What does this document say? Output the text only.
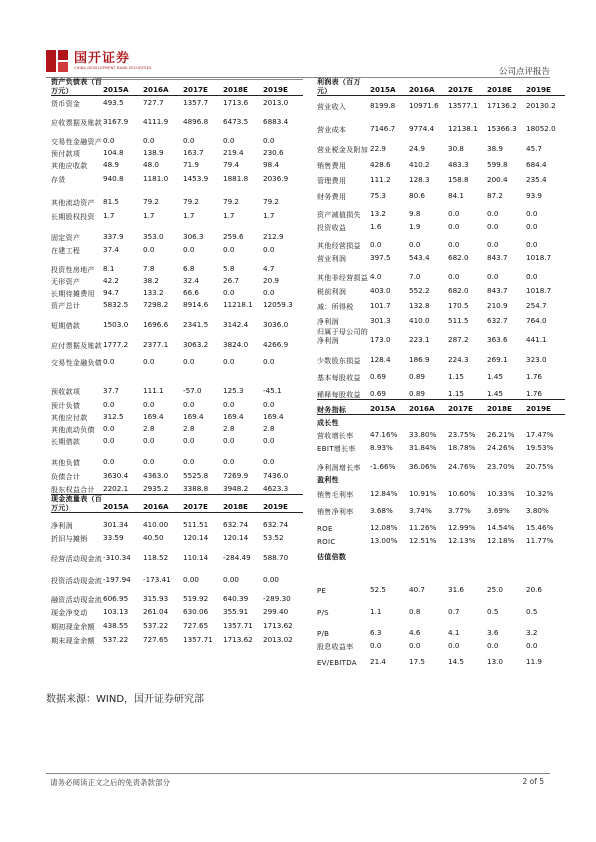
国开证券
CHINA DEVELOPMENT BANK SECURITIES	公司点评报告
资产负债表（百万元）	2015A	2016A	2017E	2018E	2019E
货币资金	493.5	727.7	1357.7	1713.6	2013.0
应收票据及账款 3167.9	4111.9	4896.8	6473.5	6883.4
交易性金融资产 0.0	0.0	0.0	0.0	0.0
预付款项	104.8	138.9	163.7	219.4	230.6
其他应收款	48.9	48.0	71.9	79.4	98.4
存货	940.8	1181.0	1453.9	1881.8	2036.9
其他流动资产	81.5	79.2	79.2	79.2	79.2
长期股权投资	1.7	1.7	1.7	1.7	1.7
固定资产	337.9	353.0	306.3	259.6	212.9
在建工程	37.4	0.0	0.0	0.0	0.0
投资性房地产	8.1	7.8	6.8	5.8	4.7
无形资产	42.2	38.2	32.4	26.7	20.9
长期待摊费用	94.7	133.2	66.6	0.0	0.0
资产总计	5832.5	7298.2	8914.6	11218.1	12059.3
短期借款	1503.0	1696.6	2341.5	3142.4	3036.0
应付票据及账款 1777.2	2377.1	3063.2	3824.0	4266.9
交易性金融负债 0.0	0.0	0.0	0.0	0.0
预收款项	37.7	111.1	-57.0	125.3	-45.1
预计负债	0.0	0.0	0.0	0.0	0.0
其他应付款	312.5	169.4	169.4	169.4	169.4
其他流动负债	0.0	2.8	2.8	2.8	2.8
长期借款	0.0	0.0	0.0	0.0	0.0
其他负债	0.0	0.0	0.0	0.0	0.0
负债合计	3630.4	4363.0	5525.8	7269.9	7436.0
股东权益合计	2202.1	2935.2	3388.8	3948.2	4623.3
现金流量表（百万元）	2015A	2016A	2017E	2018E	2019E
净利润	301.34	410.00	511.51	632.74	632.74
折旧与摊销	33.59	40.50	120.14	120.14	53.52
经营活动现金流 -310.34	118.52	110.14	-284.49	588.70
投资活动现金流 -197.94	-173.41	0.00	0.00	0.00
融资活动现金流 606.95	315.93	519.92	640.39	-289.30
现金净变动	103.13	261.04	630.06	355.91	299.40
期初现金余额	438.55	537.22	727.65	1357.71	1713.62
期末现金余额	537.22	727.65	1357.71	1713.62	2013.02
利润表（百万元）	2015A	2016A	2017E	2018E	2019E
营业收入	8199.8	10971.6	13577.1	17136.2	20130.2
营业成本	7146.7	9774.4	12138.1	15366.3	18052.0
营业税金及附加 22.9	24.9	30.8	38.9	45.7
销售费用	428.6	410.2	483.3	599.8	684.4
管理费用	111.2	128.3	158.8	200.4	235.4
财务费用	75.3	80.6	84.1	87.2	93.9
资产减值损失	13.2	9.8	0.0	0.0	0.0
投资收益	1.6	1.9	0.0	0.0	0.0
其他经营损益	0.0	0.0	0.0	0.0	0.0
营业利润	397.5	543.4	682.0	843.7	1018.7
其他非经营损益 4.0	7.0	0.0	0.0	0.0
税前利润	403.0	552.2	682.0	843.7	1018.7
减：所得税	101.7	132.8	170.5	210.9	254.7
净利润	301.3	410.0	511.5	632.7	764.0
归属于母公司的净利润	173.0	223.1	287.2	363.6	441.1
少数股东损益	128.4	186.9	224.3	269.1	323.0
基本每股收益	0.69	0.89	1.15	1.45	1.76
稀释每股收益	0.69	0.89	1.15	1.45	1.76
财务指标	2015A	2016A	2017E	2018E	2019E
成长性
营收增长率	47.16%	33.80%	23.75%	26.21%	17.47%
EBIT增长率	8.93%	31.84%	18.78%	24.26%	19.53%
净利润增长率	-1.66%	36.06%	24.76%	23.70%	20.75%
盈利性
销售毛利率	12.84%	10.91%	10.60%	10.33%	10.32%
销售净利率	3.68%	3.74%	3.77%	3.69%	3.80%
ROE	12.08%	11.26%	12.99%	14.54%	15.46%
ROIC	13.00%	12.51%	12.13%	12.18%	11.77%
估值倍数
PE	52.5	40.7	31.6	25.0	20.6
P/S	1.1	0.8	0.7	0.5	0.5
P/B	6.3	4.6	4.1	3.6	3.2
股息收益率	0.0	0.0	0.0	0.0	0.0
EV/EBITDA	21.4	17.5	14.5	13.0	11.9
数据来源：WIND，国开证券研究部
请务必阅读正文之后的免责条款部分	2 of 5
